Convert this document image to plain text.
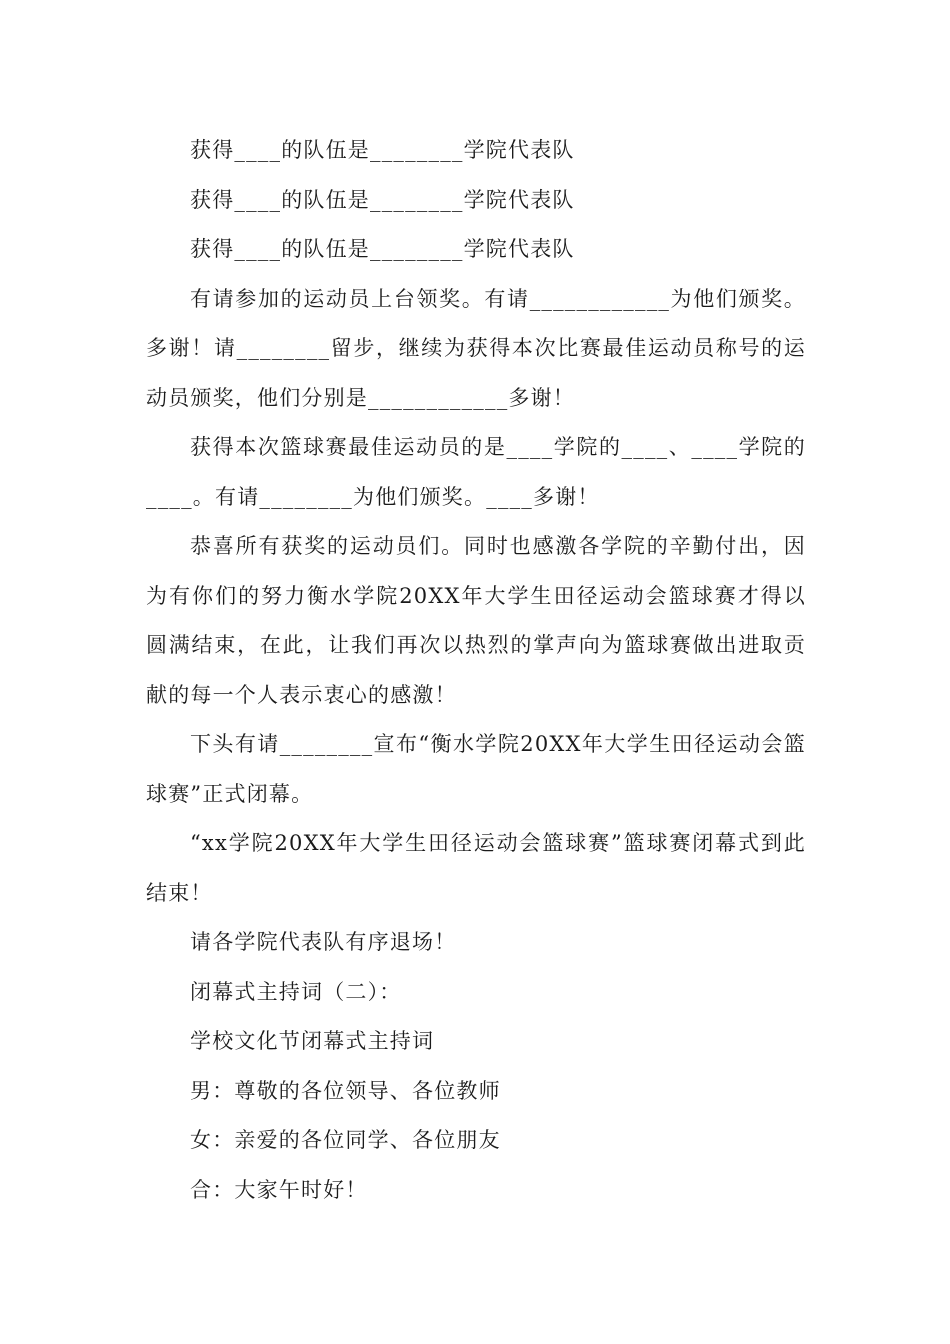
获得____的队伍是________学院代表队

获得____的队伍是________学院代表队

获得____的队伍是________学院代表队

有请参加的运动员上台领奖。有请____________为他们颁奖。多谢！请________留步，继续为获得本次比赛最佳运动员称号的运动员颁奖，他们分别是____________多谢！

获得本次篮球赛最佳运动员的是____学院的____、____学院的____。有请________为他们颁奖。____多谢！

恭喜所有获奖的运动员们。同时也感激各学院的辛勤付出，因为有你们的努力衡水学院20XX年大学生田径运动会篮球赛才得以圆满结束，在此，让我们再次以热烈的掌声向为篮球赛做出进取贡献的每一个人表示衷心的感激！

下头有请________宣布“衡水学院20XX年大学生田径运动会篮球赛”正式闭幕。

“xx学院20XX年大学生田径运动会篮球赛”篮球赛闭幕式到此结束！

请各学院代表队有序退场！

闭幕式主持词（二）：

学校文化节闭幕式主持词

男：尊敬的各位领导、各位教师

女：亲爱的各位同学、各位朋友

合：大家午时好！
